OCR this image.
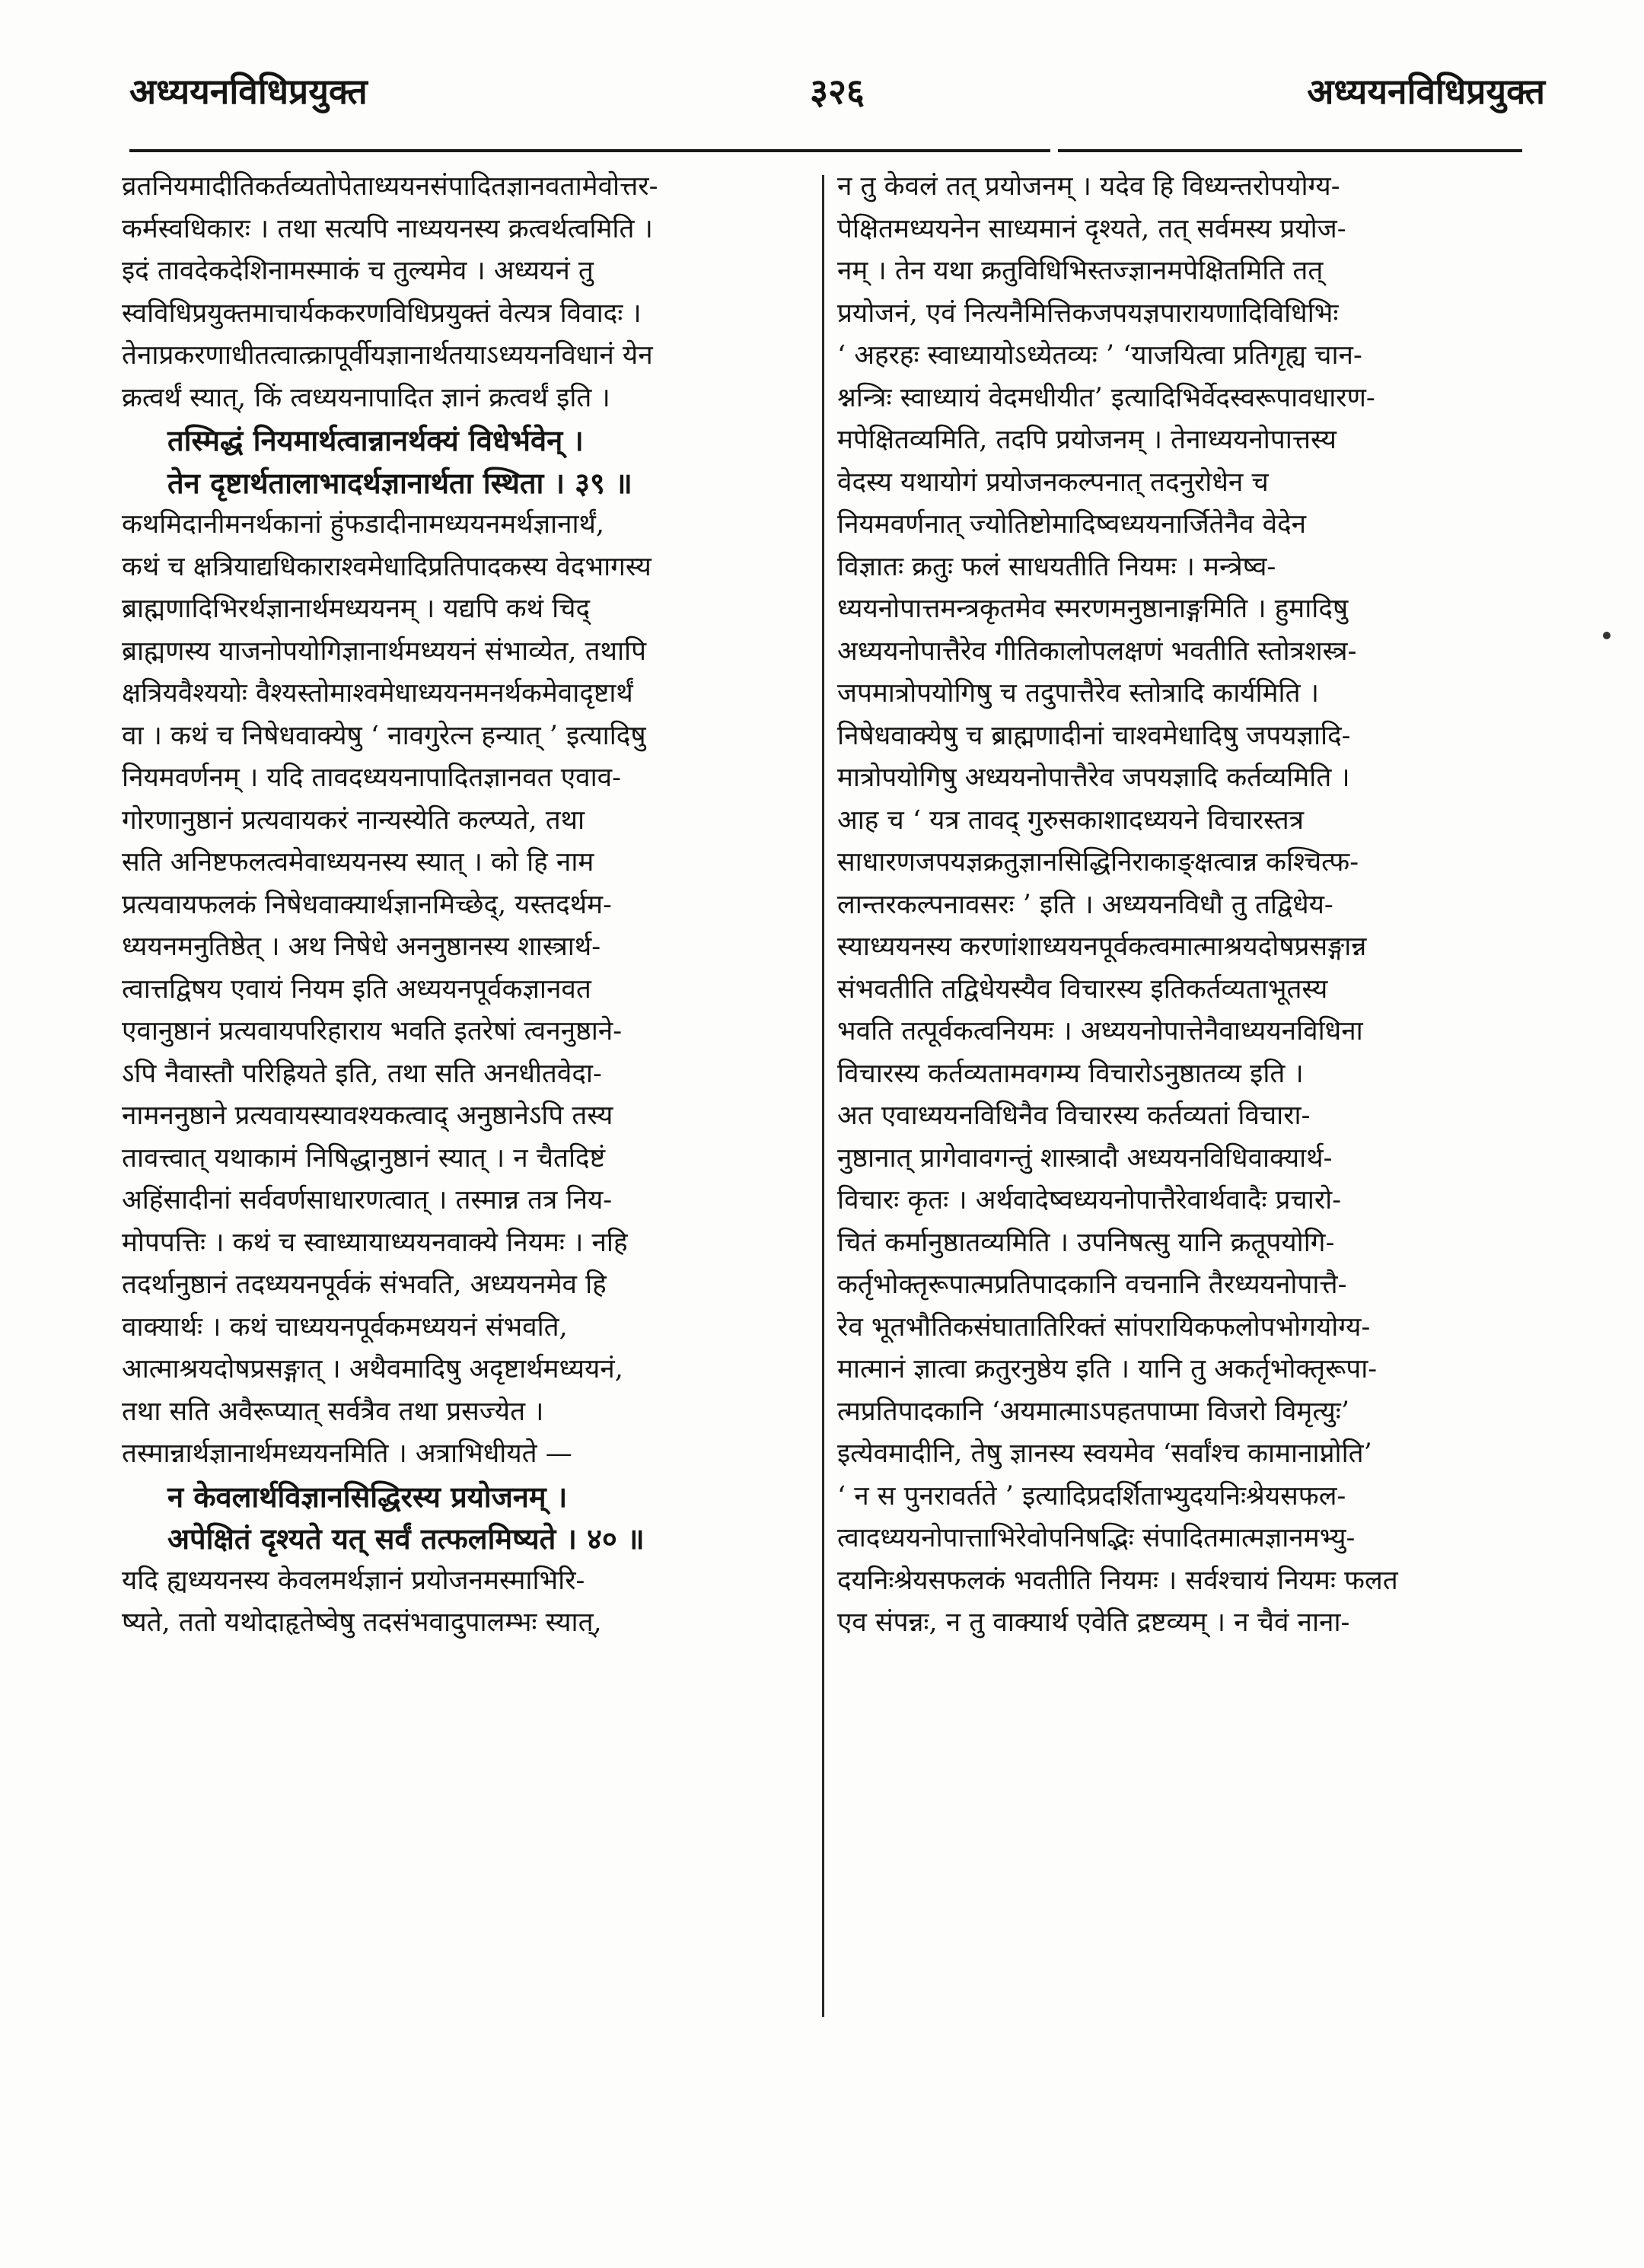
३२६
अध्ययनविधिप्रयुक्त	अध्ययनविधिप्रयुक्त
व्रतनियमादीतिकर्तव्यतोपेताध्ययनसंपादितज्ञानवतामेवोत्तर-
कर्मस्वधिकारः । तथा सत्यपि नाध्ययनस्य क्रत्वर्थत्वमिति ।
इदं तावदेकदेशिनामस्माकं च तुल्यमेव । अध्ययनं तु
स्वविधिप्रयुक्तमाचार्यककरणविधिप्रयुक्तं वेत्यत्र विवादः ।
तेनाप्रकरणाधीतत्वात्क्रापूर्वीयज्ञानार्थतयाऽध्ययनविधानं येन
क्रत्वर्थं स्यात्, किं त्वध्ययनापादित ज्ञानं क्रत्वर्थं इति ।
तस्मिद्धं नियमार्थत्वान्नानर्थक्यं विधेर्भवेन् ।
तेन दृष्टार्थतालाभादर्थज्ञानार्थता स्थिता । ३९ ॥
कथमिदानीमनर्थकानां हुंफडादीनामध्ययनमर्थज्ञानार्थं,
कथं च क्षत्रियाद्यधिकाराश्वमेधादिप्रतिपादकस्य वेदभागस्य
ब्राह्मणादिभिरर्थज्ञानार्थमध्ययनम् । यद्यपि कथं चिद्
ब्राह्मणस्य याजनोपयोगिज्ञानार्थमध्ययनं संभाव्येत, तथापि
क्षत्रियवैश्ययोः वैश्यस्तोमाश्वमेधाध्ययनमनर्थकमेवादृष्टार्थं
वा । कथं च निषेधवाक्येषु ‘ नावगुरेत्न हन्यात् ’ इत्यादिषु
नियमवर्णनम् । यदि तावदध्ययनापादितज्ञानवत एवाव-
गोरणानुष्ठानं प्रत्यवायकरं नान्यस्येति कल्प्यते, तथा
सति अनिष्टफलत्वमेवाध्ययनस्य स्यात् । को हि नाम
प्रत्यवायफलकं निषेधवाक्यार्थज्ञानमिच्छेद्, यस्तदर्थम-
ध्ययनमनुतिष्ठेत् । अथ निषेधे अननुष्ठानस्य शास्त्रार्थ-
त्वात्तद्विषय एवायं नियम इति अध्ययनपूर्वकज्ञानवत
एवानुष्ठानं प्रत्यवायपरिहाराय भवति इतरेषां त्वननुष्ठाने-
ऽपि नैवास्तौ परिह्रियते इति, तथा सति अनधीतवेदा-
नामननुष्ठाने प्रत्यवायस्यावश्यकत्वाद् अनुष्ठानेऽपि तस्य
तावत्त्वात् यथाकामं निषिद्धानुष्ठानं स्यात् । न चैतदिष्टं
अहिंसादीनां सर्ववर्णसाधारणत्वात् । तस्मान्न तत्र निय-
मोपपत्तिः । कथं च स्वाध्यायाध्ययनवाक्ये नियमः । नहि
तदर्थानुष्ठानं तदध्ययनपूर्वकं संभवति, अध्ययनमेव हि
वाक्यार्थः । कथं चाध्ययनपूर्वकमध्ययनं संभवति,
आत्माश्रयदोषप्रसङ्गात् । अथैवमादिषु अदृष्टार्थमध्ययनं,
तथा सति अवैरूप्यात् सर्वत्रैव तथा प्रसज्येत ।
तस्मान्नार्थज्ञानार्थमध्ययनमिति । अत्राभिधीयते —
न केवलार्थविज्ञानसिद्धिरस्य प्रयोजनम् ।
अपेक्षितं दृश्यते यत् सर्वं तत्फलमिष्यते । ४० ॥
यदि ह्यध्ययनस्य केवलमर्थज्ञानं प्रयोजनमस्माभिरि-
ष्यते, ततो यथोदाहृतेष्वेषु तदसंभवादुपालम्भः स्यात्,
न तु केवलं तत् प्रयोजनम् । यदेव हि विध्यन्तरोपयोग्य-
पेक्षितमध्ययनेन साध्यमानं दृश्यते, तत् सर्वमस्य प्रयोज-
नम् । तेन यथा क्रतुविधिभिस्तज्ज्ञानमपेक्षितमिति तत्
प्रयोजनं, एवं नित्यनैमित्तिकजपयज्ञपारायणादिविधिभिः
‘ अहरहः स्वाध्यायोऽध्येतव्यः ’ ‘याजयित्वा प्रतिगृह्य चान-
श्नन्त्रिः स्वाध्यायं वेदमधीयीत’ इत्यादिभिर्वेदस्वरूपावधारण-
मपेक्षितव्यमिति, तदपि प्रयोजनम् । तेनाध्ययनोपात्तस्य
वेदस्य यथायोगं प्रयोजनकल्पनात् तदनुरोधेन च
नियमवर्णनात् ज्योतिष्टोमादिष्वध्ययनार्जितेनैव वेदेन
विज्ञातः क्रतुः फलं साधयतीति नियमः । मन्त्रेष्व-
ध्ययनोपात्तमन्त्रकृतमेव स्मरणमनुष्ठानाङ्गमिति । हुमादिषु
अध्ययनोपात्तैरेव गीतिकालोपलक्षणं भवतीति स्तोत्रशस्त्र-
जपमात्रोपयोगिषु च तदुपात्तैरेव स्तोत्रादि कार्यमिति ।
निषेधवाक्येषु च ब्राह्मणादीनां चाश्वमेधादिषु जपयज्ञादि-
मात्रोपयोगिषु अध्ययनोपात्तैरेव जपयज्ञादि कर्तव्यमिति ।
आह च ‘ यत्र तावद् गुरुसकाशादध्ययने विचारस्तत्र
साधारणजपयज्ञक्रतुज्ञानसिद्धिनिराकाङ्क्षत्वान्न कश्चित्फ-
लान्तरकल्पनावसरः ’ इति । अध्ययनविधौ तु तद्विधेय-
स्याध्ययनस्य करणांशाध्ययनपूर्वकत्वमात्माश्रयदोषप्रसङ्गान्न
संभवतीति तद्विधेयस्यैव विचारस्य इतिकर्तव्यताभूतस्य
भवति तत्पूर्वकत्वनियमः । अध्ययनोपात्तेनैवाध्ययनविधिना
विचारस्य कर्तव्यतामवगम्य विचारोऽनुष्ठातव्य इति ।
अत एवाध्ययनविधिनैव विचारस्य कर्तव्यतां विचारा-
नुष्ठानात् प्रागेवावगन्तुं शास्त्रादौ अध्ययनविधिवाक्यार्थ-
विचारः कृतः । अर्थवादेष्वध्ययनोपात्तैरेवार्थवादैः प्रचारो-
चितं कर्मानुष्ठातव्यमिति । उपनिषत्सु यानि क्रतूपयोगि-
कर्तृभोक्तृरूपात्मप्रतिपादकानि वचनानि तैरध्ययनोपात्तै-
रेव भूतभौतिकसंघातातिरिक्तं सांपरायिकफलोपभोगयोग्य-
मात्मानं ज्ञात्वा क्रतुरनुष्ठेय इति । यानि तु अकर्तृभोक्तृरूपा-
त्मप्रतिपादकानि ‘अयमात्माऽपहतपाप्मा विजरो विमृत्युः’
इत्येवमादीनि, तेषु ज्ञानस्य स्वयमेव ‘सर्वांश्च कामानाप्नोति’
‘ न स पुनरावर्तते ’ इत्यादिप्रदर्शिताभ्युदयनिःश्रेयसफल-
त्वादध्ययनोपात्ताभिरेवोपनिषद्भिः संपादितमात्मज्ञानमभ्यु-
दयनिःश्रेयसफलकं भवतीति नियमः । सर्वश्चायं नियमः फलत
एव संपन्नः, न तु वाक्यार्थ एवेति द्रष्टव्यम् । न चैवं नाना-
